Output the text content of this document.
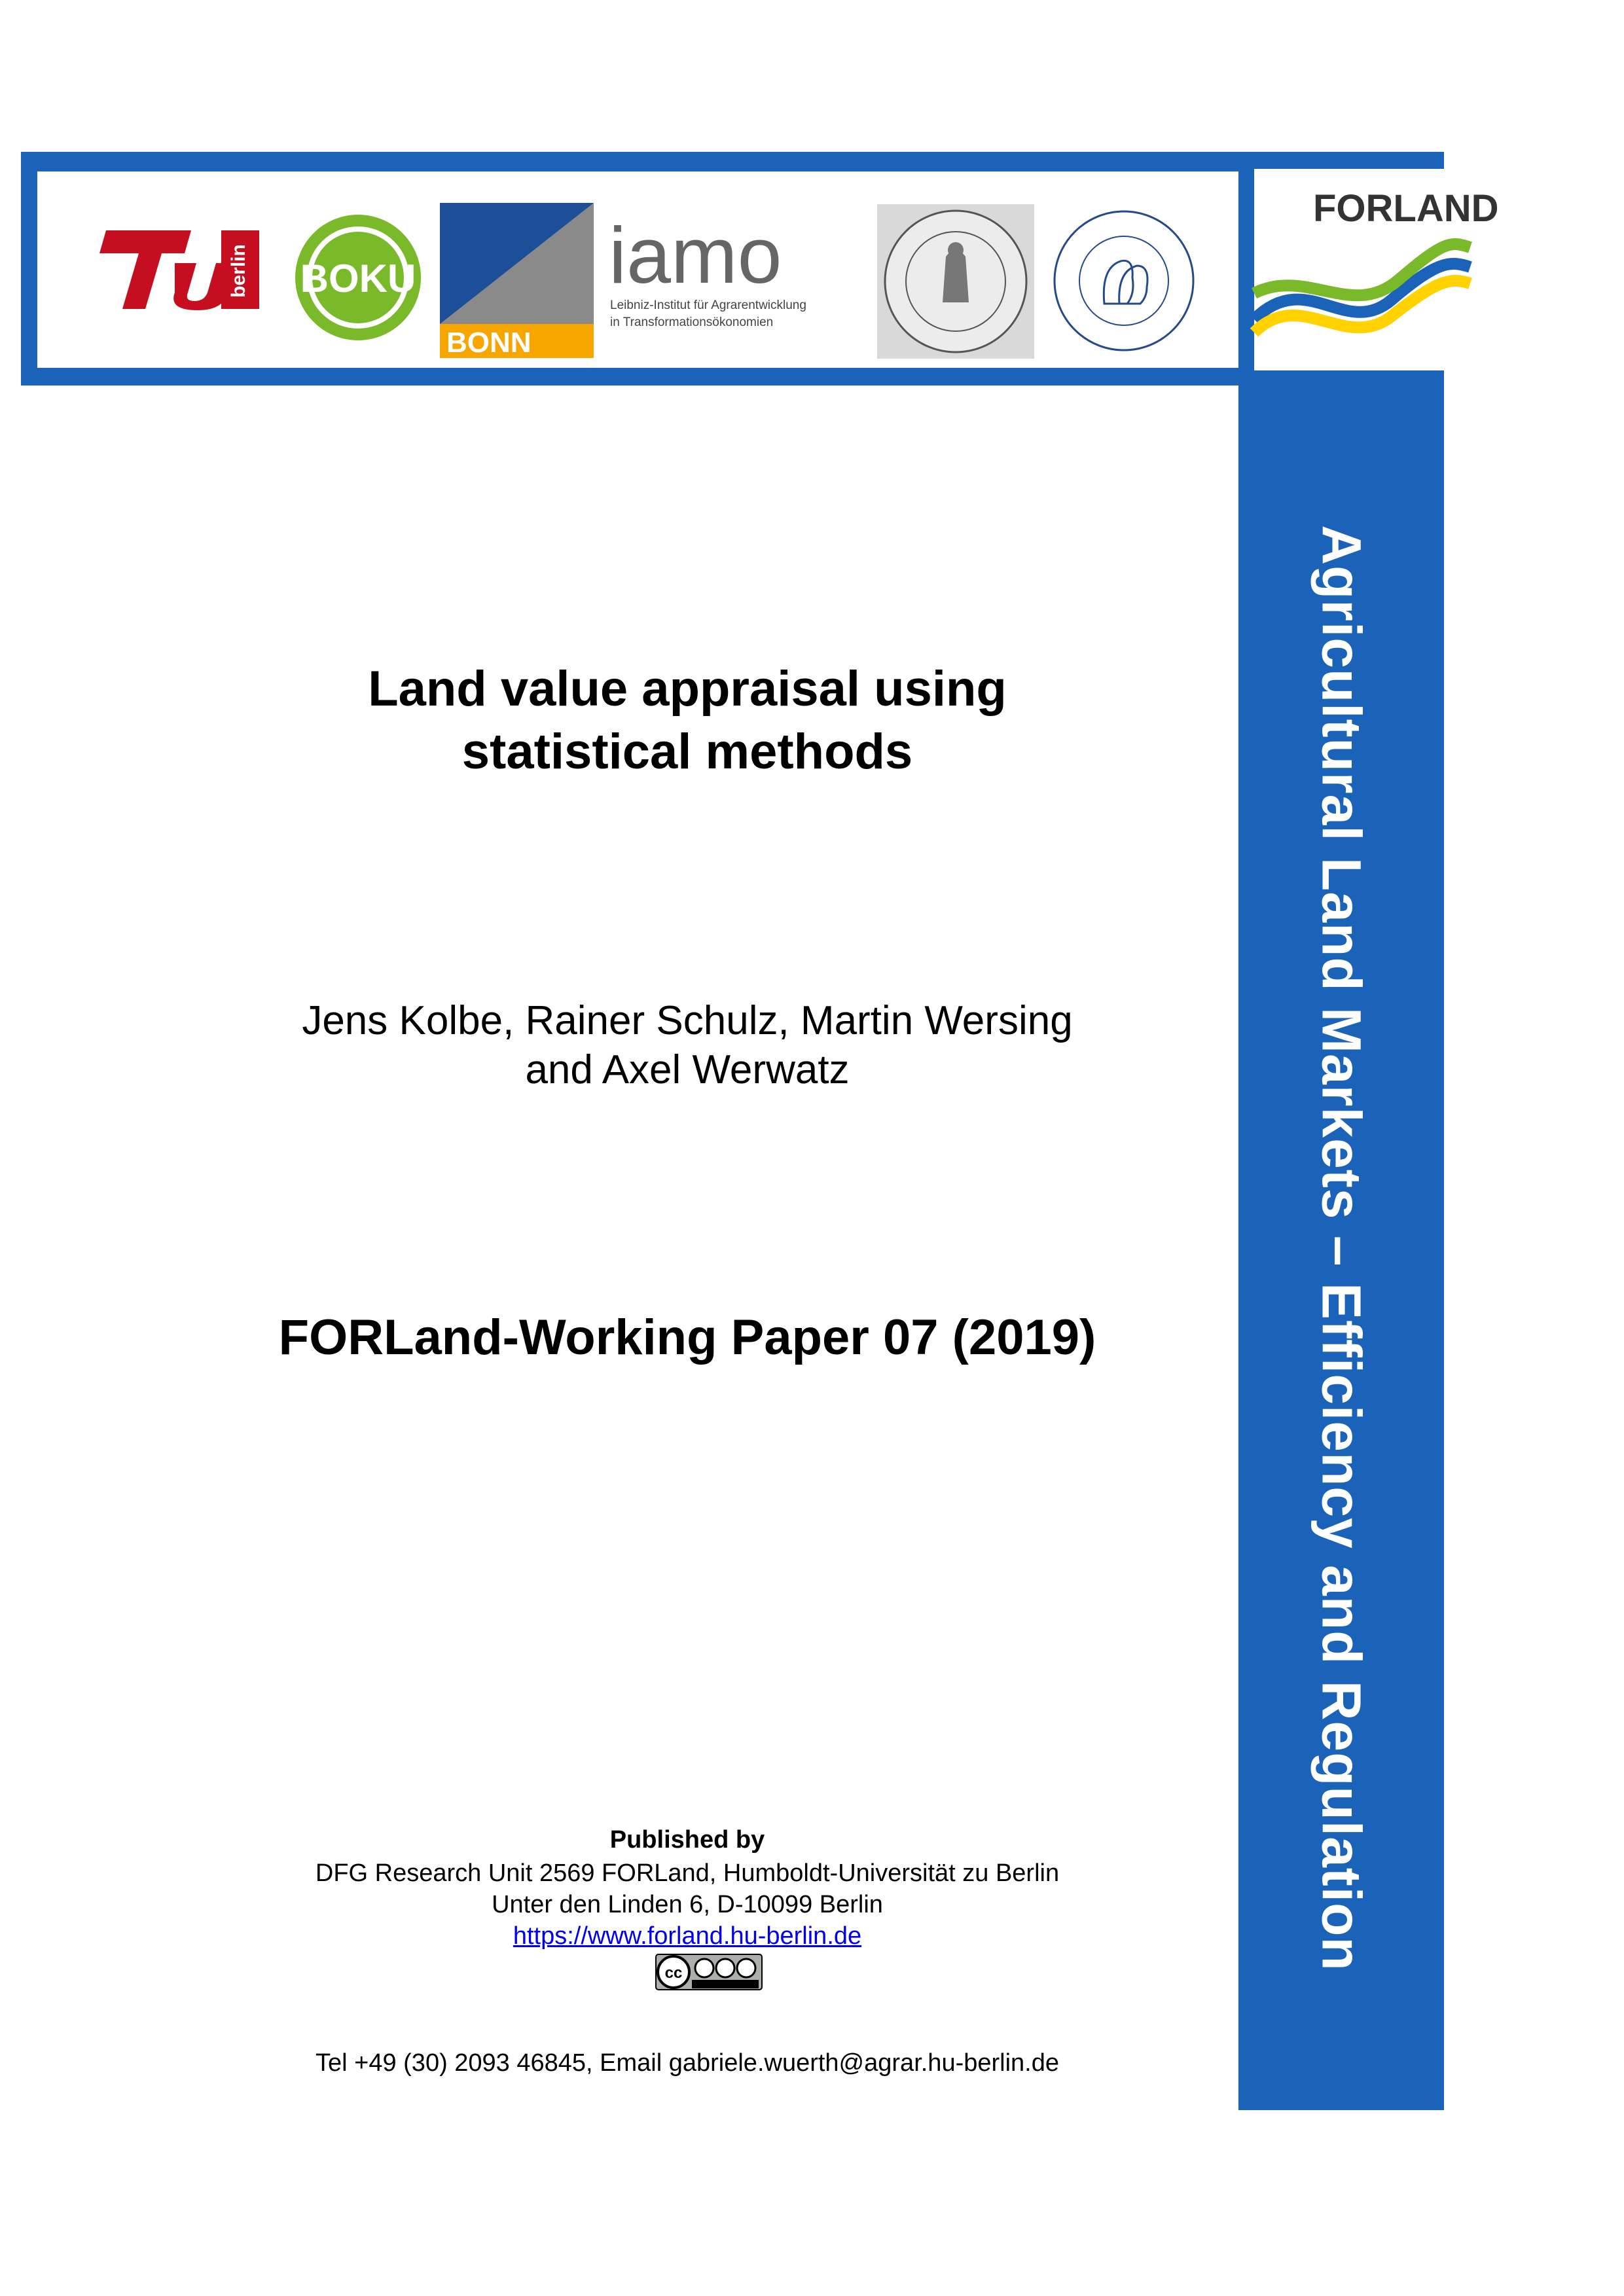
berlin BOKU
BONN
iamo
Leibniz-Institut für Agrarentwicklung
in Transformationsökonomien
FORLAND
Agricultural Land Markets – Efficiency and Regulation
Land value appraisal using
statistical methods
Jens Kolbe, Rainer Schulz, Martin Wersing
and Axel Werwatz
FORLand-Working Paper 07 (2019)
Published by
DFG Research Unit 2569 FORLand, Humboldt-Universität zu Berlin
Unter den Linden 6, D-10099 Berlin
https://www.forland.hu-berlin.de
cc
Tel +49 (30) 2093 46845, Email gabriele.wuerth@agrar.hu-berlin.de
